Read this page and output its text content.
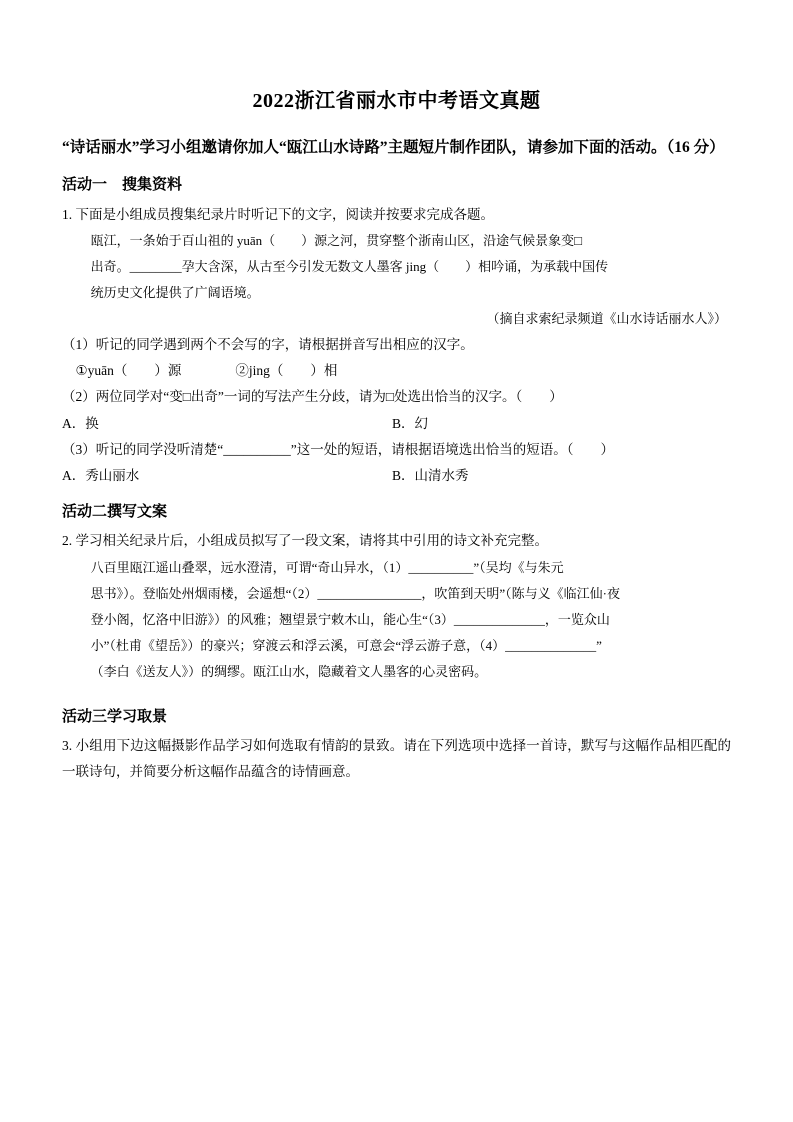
2022浙江省丽水市中考语文真题
“诗话丽水”学习小组邀请你加人“瓯江山水诗路”主题短片制作团队，请参加下面的活动。（16 分）
活动一　搜集资料
1. 下面是小组成员搜集纪录片时听记下的文字，阅读并按要求完成各题。
瓯江，一条始于百山祖的 yuān（　　）源之河，贯穿整个浙南山区，沿途气候景象变□
出奇。________孕大含深，从古至今引发无数文人墨客 jing（　　）相吟诵，为承载中国传
统历史文化提供了广阔语境。
（摘自求索纪录频道《山水诗话丽水人》）
（1）听记的同学遇到两个不会写的字，请根据拼音写出相应的汉字。
①yuān（　　）源　　　　②jing（　　）相
（2）两位同学对“变□出奇”一词的写法产生分歧，请为□处选出恰当的汉字。（　　）
A．换	B．幻
（3）听记的同学没听清楚“__________”这一处的短语，请根据语境选出恰当的短语。（　　）
A．秀山丽水	B．山清水秀
活动二撰写文案
2. 学习相关纪录片后，小组成员拟写了一段文案，请将其中引用的诗文补充完整。
八百里瓯江遥山叠翠，远水澄清，可谓“奇山异水，（1）__________”（吴均《与朱元
思书》）。登临处州烟雨楼，会遥想“（2）________________，吹笛到天明”（陈与义《临江仙·夜
登小阁，忆洛中旧游》）的风雅；翘望景宁敕木山，能心生“（3）______________，一览众山
小”（杜甫《望岳》）的豪兴；穿渡云和浮云溪，可意会“浮云游子意，（4）______________”
（李白《送友人》）的绸缪。瓯江山水，隐藏着文人墨客的心灵密码。
活动三学习取景
3. 小组用下边这幅摄影作品学习如何选取有情韵的景致。请在下列选项中选择一首诗，默写与这幅作品相匹配的一联诗句，并简要分析这幅作品蕴含的诗情画意。
